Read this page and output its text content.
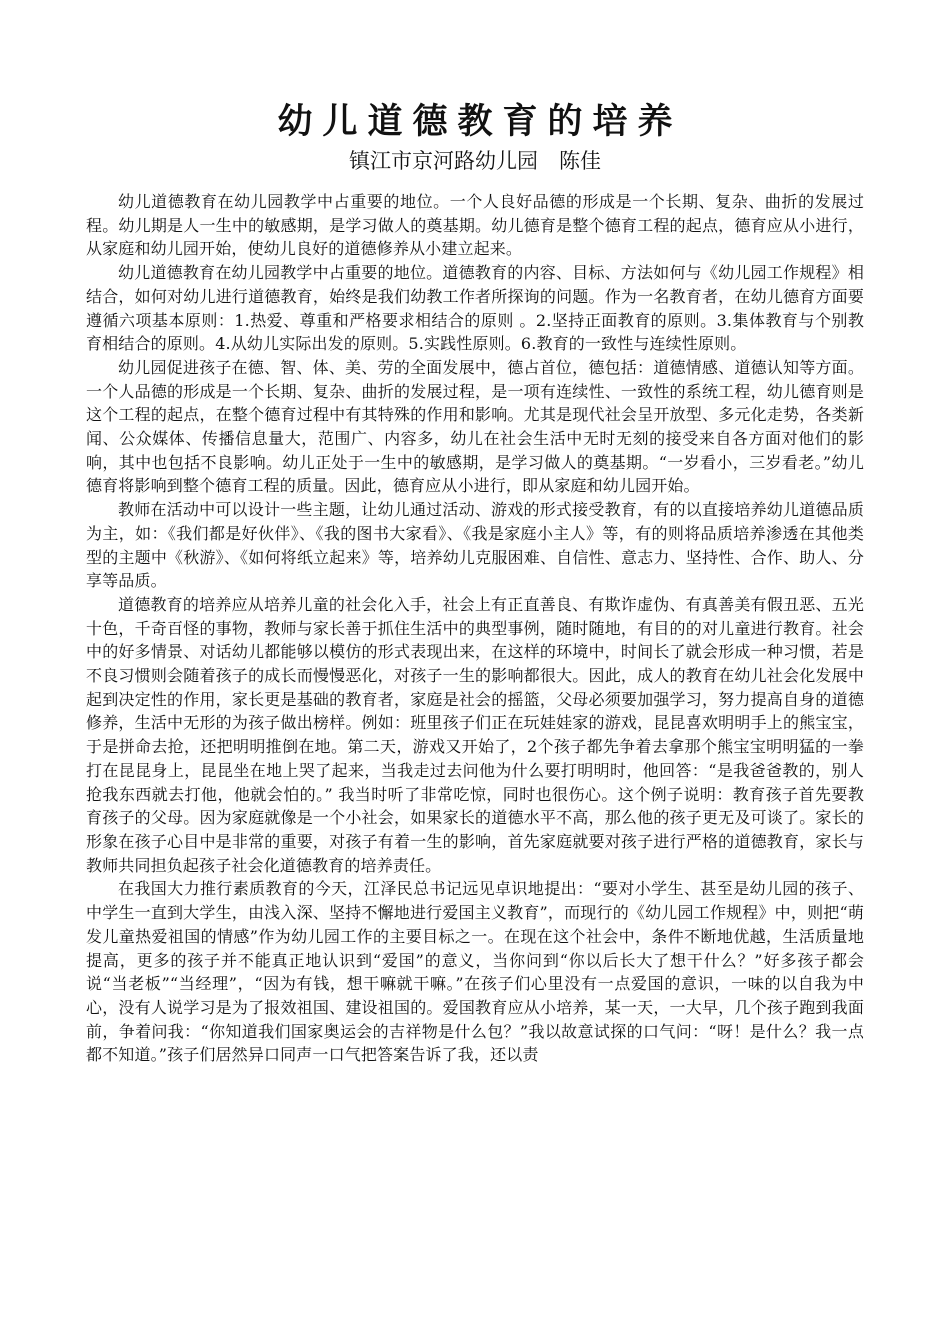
幼儿道德教育的培养
镇江市京河路幼儿园　陈佳

幼儿道德教育在幼儿园教学中占重要的地位。一个人良好品德的形成是一个长期、复杂、曲折的发展过程。幼儿期是人一生中的敏感期，是学习做人的奠基期。幼儿德育是整个德育工程的起点，德育应从小进行，从家庭和幼儿园开始，使幼儿良好的道德修养从小建立起来。

幼儿道德教育在幼儿园教学中占重要的地位。道德教育的内容、目标、方法如何与《幼儿园工作规程》相结合，如何对幼儿进行道德教育，始终是我们幼教工作者所探询的问题。作为一名教育者，在幼儿德育方面要遵循六项基本原则：1.热爱、尊重和严格要求相结合的原则 。2.坚持正面教育的原则。3.集体教育与个别教育相结合的原则。4.从幼儿实际出发的原则。5.实践性原则。6.教育的一致性与连续性原则。

幼儿园促进孩子在德、智、体、美、劳的全面发展中，德占首位，德包括：道德情感、道德认知等方面。一个人品德的形成是一个长期、复杂、曲折的发展过程，是一项有连续性、一致性的系统工程，幼儿德育则是这个工程的起点，在整个德育过程中有其特殊的作用和影响。尤其是现代社会呈开放型、多元化走势，各类新闻、公众媒体、传播信息量大，范围广、内容多，幼儿在社会生活中无时无刻的接受来自各方面对他们的影响，其中也包括不良影响。幼儿正处于一生中的敏感期，是学习做人的奠基期。“一岁看小，三岁看老。”幼儿德育将影响到整个德育工程的质量。因此，德育应从小进行，即从家庭和幼儿园开始。

教师在活动中可以设计一些主题，让幼儿通过活动、游戏的形式接受教育，有的以直接培养幼儿道德品质为主，如：《我们都是好伙伴》、《我的图书大家看》、《我是家庭小主人》等，有的则将品质培养渗透在其他类型的主题中《秋游》、《如何将纸立起来》等，培养幼儿克服困难、自信性、意志力、坚持性、合作、助人、分享等品质。

道德教育的培养应从培养儿童的社会化入手，社会上有正直善良、有欺诈虚伪、有真善美有假丑恶、五光十色，千奇百怪的事物，教师与家长善于抓住生活中的典型事例，随时随地，有目的的对儿童进行教育。社会中的好多情景、对话幼儿都能够以模仿的形式表现出来，在这样的环境中，时间长了就会形成一种习惯，若是不良习惯则会随着孩子的成长而慢慢恶化，对孩子一生的影响都很大。因此，成人的教育在幼儿社会化发展中起到决定性的作用，家长更是基础的教育者，家庭是社会的摇篮，父母必须要加强学习，努力提高自身的道德修养，生活中无形的为孩子做出榜样。例如：班里孩子们正在玩娃娃家的游戏，昆昆喜欢明明手上的熊宝宝，于是拼命去抢，还把明明推倒在地。第二天，游戏又开始了，2个孩子都先争着去拿那个熊宝宝明明猛的一拳打在昆昆身上，昆昆坐在地上哭了起来，当我走过去问他为什么要打明明时，他回答：“是我爸爸教的，别人抢我东西就去打他，他就会怕的。” 我当时听了非常吃惊，同时也很伤心。这个例子说明：教育孩子首先要教育孩子的父母。因为家庭就像是一个小社会，如果家长的道德水平不高，那么他的孩子更无及可谈了。家长的形象在孩子心目中是非常的重要，对孩子有着一生的影响，首先家庭就要对孩子进行严格的道德教育，家长与教师共同担负起孩子社会化道德教育的培养责任。

在我国大力推行素质教育的今天，江泽民总书记远见卓识地提出：“要对小学生、甚至是幼儿园的孩子、中学生一直到大学生，由浅入深、坚持不懈地进行爱国主义教育”，而现行的《幼儿园工作规程》中，则把“萌发儿童热爱祖国的情感”作为幼儿园工作的主要目标之一。在现在这个社会中，条件不断地优越，生活质量地提高，更多的孩子并不能真正地认识到“爱国”的意义，当你问到“你以后长大了想干什么？”好多孩子都会说“当老板”“当经理”，“因为有钱，想干嘛就干嘛。”在孩子们心里没有一点爱国的意识，一味的以自我为中心，没有人说学习是为了报效祖国、建设祖国的。爱国教育应从小培养，某一天，一大早，几个孩子跑到我面前，争着问我：“你知道我们国家奥运会的吉祥物是什么包？”我以故意试探的口气问：“呀！是什么？我一点都不知道。”孩子们居然异口同声一口气把答案告诉了我，还以责
